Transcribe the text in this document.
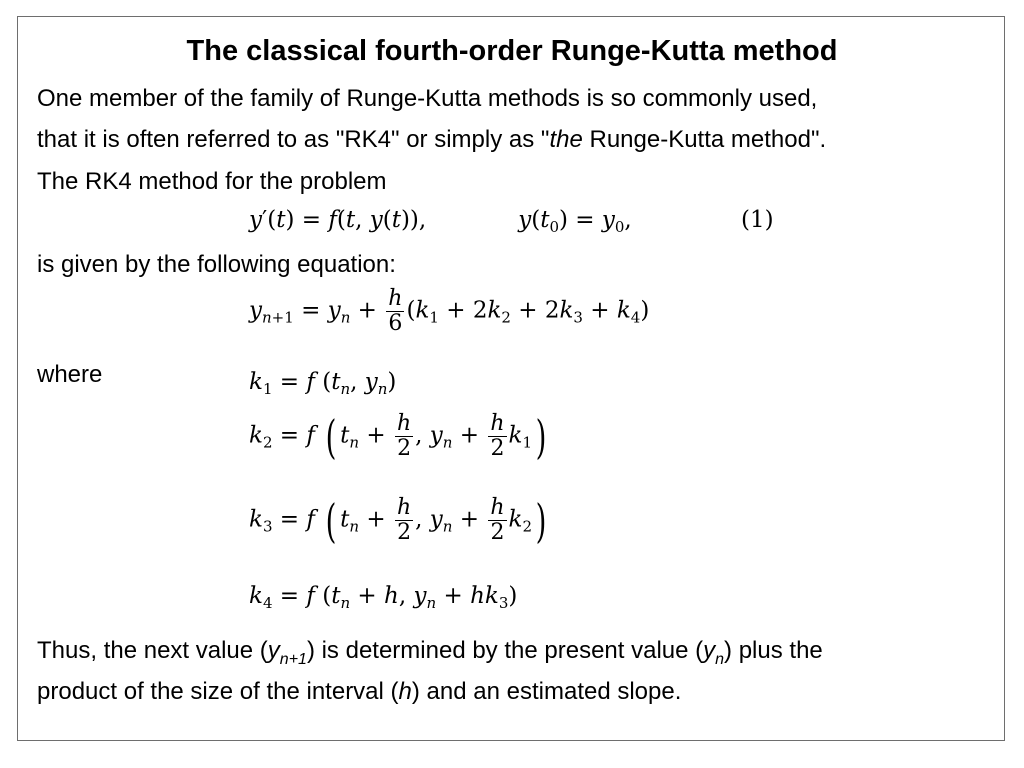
The classical fourth-order Runge-Kutta method

One member of the family of Runge-Kutta methods is so commonly used,

that it is often referred to as "RK4" or simply as "the Runge-Kutta method".

The RK4 method for the problem

y′(t) = f(t, y(t)),	$y(t_0) = y_0$,	(1)

is given by the following equation:

$y_{n+1} = y_n + \frac{h}{6} (k_1 + 2k_2 + 2k_3 + k_4)$

where	$k_1 = f$ ($t_n$, $y_n$)
$k_2 = f$ ( $t_n + \frac{h}{2}$ , $y_n + \frac{h}{2} k_1$)
$k_3 = f$ ( $t_n + \frac{h}{2}$ , $y_n + \frac{h}{2} k_2$)
$k_4 = f$ ($t_n + h$, $y_n + hk_3$)

Thus, the next value $(y_{n+1})$ is determined by the present value $(y_n)$ plus the

product of the size of the interval (h) and an estimated slope.
